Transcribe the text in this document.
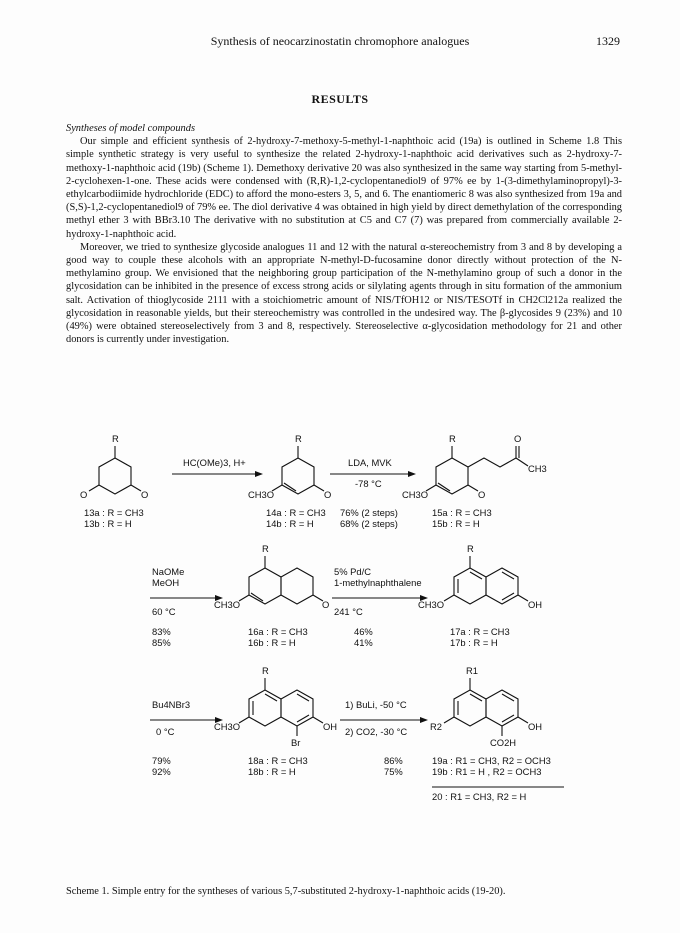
Synthesis of neocarzinostatin chromophore analogues	1329
RESULTS

Syntheses of model compounds

Our simple and efficient synthesis of 2-hydroxy-7-methoxy-5-methyl-1-naphthoic acid (19a) is outlined in Scheme 1.8 This simple synthetic strategy is very useful to synthesize the related 2-hydroxy-1-naphthoic acid derivatives such as 2-hydroxy-7-methoxy-1-naphthoic acid (19b) (Scheme 1). Demethoxy derivative 20 was also synthesized in the same way starting from 5-methyl-2-cyclohexen-1-one. These acids were condensed with (R,R)-1,2-cyclopentanediol9 of 97% ee by 1-(3-dimethylaminopropyl)-3-ethylcarbodiimide hydrochloride (EDC) to afford the mono-esters 3, 5, and 6. The enantiomeric 8 was also synthesized from 19a and (S,S)-1,2-cyclopentanediol9 of 79% ee. The diol derivative 4 was obtained in high yield by direct demethylation of the corresponding methyl ether 3 with BBr3.10 The derivative with no substitution at C5 and C7 (7) was prepared from commercially available 2-hydroxy-1-naphthoic acid.

Moreover, we tried to synthesize glycoside analogues 11 and 12 with the natural α-stereochemistry from 3 and 8 by developing a good way to couple these alcohols with an appropriate N-methyl-D-fucosamine donor directly without protection of the N-methylamino group. We envisioned that the neighboring group participation of the N-methylamino group of such a donor in the glycosidation can be inhibited in the presence of excess strong acids or silylating agents through in situ formation of the ammonium salt. Activation of thioglycoside 2111 with a stoichiometric amount of NIS/TfOH12 or NIS/TESOTf in CH2Cl212a realized the glycosidation in reasonable yields, but their stereochemistry was controlled in the undesired way. The β-glycosides 9 (23%) and 10 (49%) were obtained stereoselectively from 3 and 8, respectively. Stereoselective α-glycosidation methodology for 21 and other donors is currently under investigation.

R
O	O
13a : R = CH3
13b : R = H
HC(OMe)3, H+
R
CH3O	O
14a : R = CH3
14b : R = H
76% (2 steps)
68% (2 steps)
LDA, MVK
-78 °C
R
CH3O	O
O
CH3
15a : R = CH3
15b : R = H
NaOMe
MeOH
60 °C
83%
85%
R
CH3O	O
16a : R = CH3
16b : R = H
5% Pd/C
1-methylnaphthalene
241 °C
46%
41%
R
CH3O	OH
17a : R = CH3
17b : R = H
Bu4NBr3
0 °C
79%
92%
R
CH3O	OH
Br
18a : R = CH3
18b : R = H
1) BuLi, -50 °C
2) CO2, -30 °C
86%
75%
R1
R2	OH
CO2H
19a : R1 = CH3, R2 = OCH3
19b : R1 = H , R2 = OCH3
20 : R1 = CH3, R2 = H
Scheme 1. Simple entry for the syntheses of various 5,7-substituted 2-hydroxy-1-naphthoic acids (19-20).
